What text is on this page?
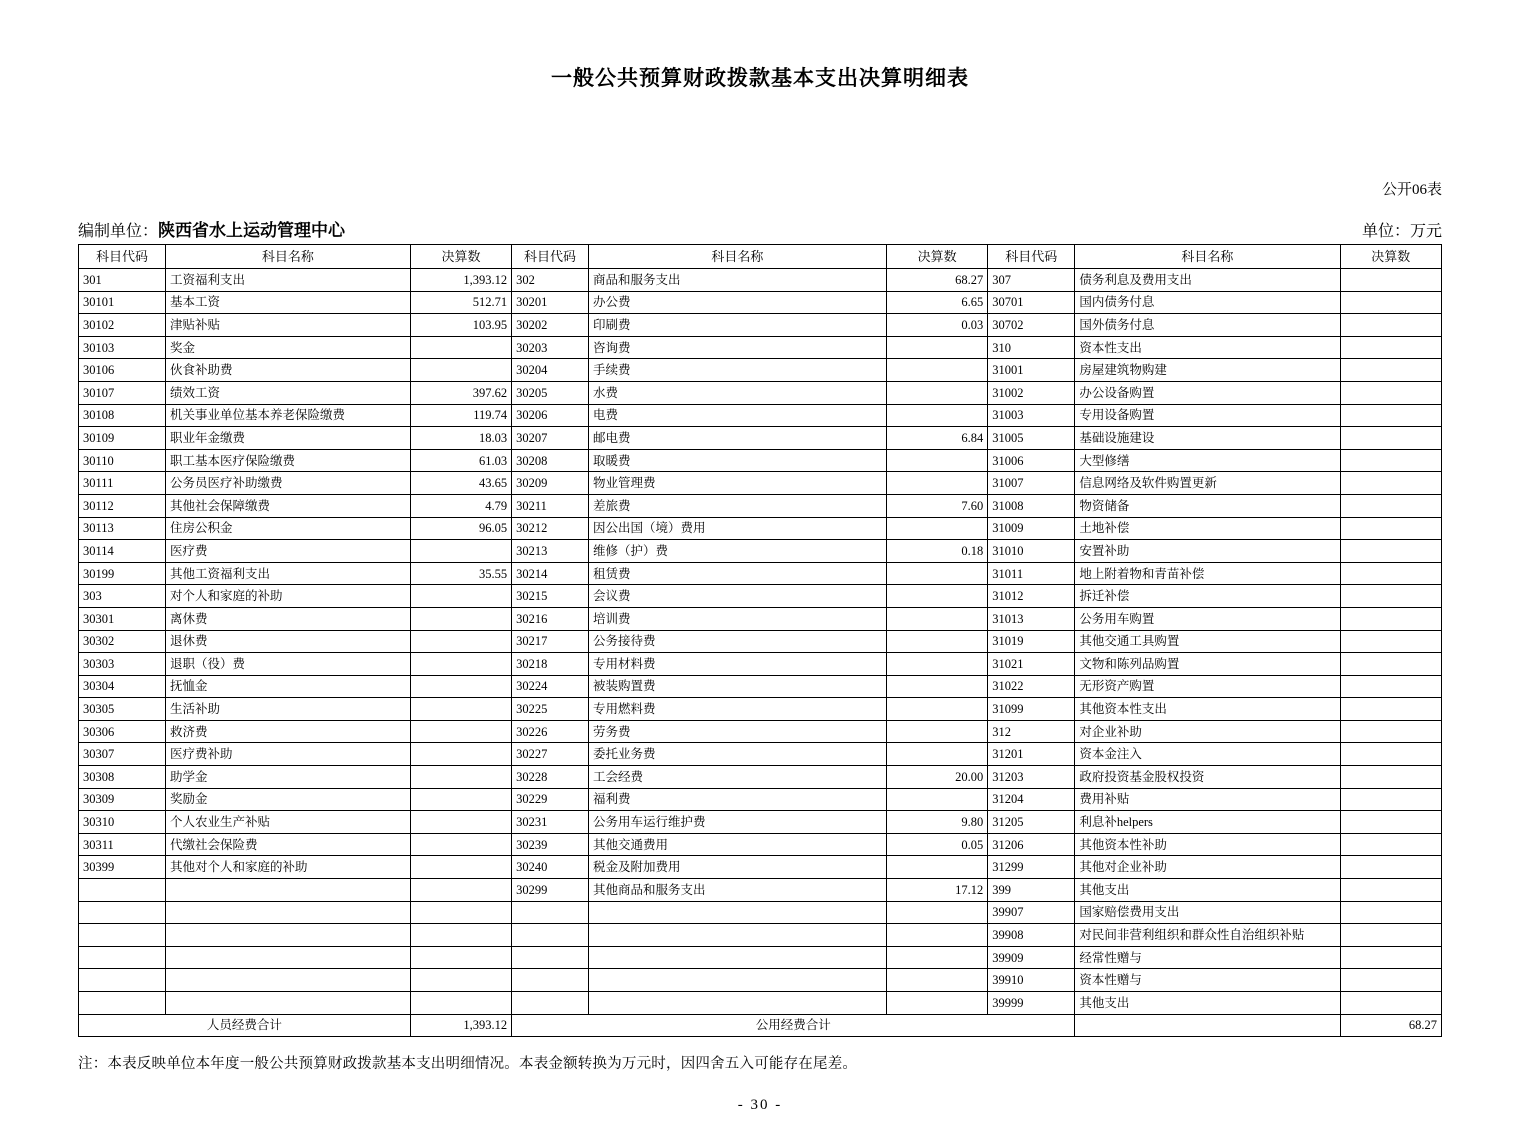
一般公共预算财政拨款基本支出决算明细表
公开06表
编制单位：陕西省水上运动管理中心	单位：万元
科目代码	科目名称	决算数	科目代码	科目名称	决算数	科目代码	科目名称	决算数
301	工资福利支出	1,393.12	302	商品和服务支出	68.27	307	债务利息及费用支出	
30101	基本工资	512.71	30201	办公费	6.65	30701	国内债务付息	
30102	津贴补贴	103.95	30202	印刷费	0.03	30702	国外债务付息	
30103	奖金		30203	咨询费		310	资本性支出	
30106	伙食补助费		30204	手续费		31001	房屋建筑物购建	
30107	绩效工资	397.62	30205	水费		31002	办公设备购置	
30108	机关事业单位基本养老保险缴费	119.74	30206	电费		31003	专用设备购置	
30109	职业年金缴费	18.03	30207	邮电费	6.84	31005	基础设施建设	
30110	职工基本医疗保险缴费	61.03	30208	取暖费		31006	大型修缮	
30111	公务员医疗补助缴费	43.65	30209	物业管理费		31007	信息网络及软件购置更新	
30112	其他社会保障缴费	4.79	30211	差旅费	7.60	31008	物资储备	
30113	住房公积金	96.05	30212	因公出国（境）费用		31009	土地补偿	
30114	医疗费		30213	维修（护）费	0.18	31010	安置补助	
30199	其他工资福利支出	35.55	30214	租赁费		31011	地上附着物和青苗补偿	
303	对个人和家庭的补助		30215	会议费		31012	拆迁补偿	
30301	离休费		30216	培训费		31013	公务用车购置	
30302	退休费		30217	公务接待费		31019	其他交通工具购置	
30303	退职（役）费		30218	专用材料费		31021	文物和陈列品购置	
30304	抚恤金		30224	被装购置费		31022	无形资产购置	
30305	生活补助		30225	专用燃料费		31099	其他资本性支出	
30306	救济费		30226	劳务费		312	对企业补助	
30307	医疗费补助		30227	委托业务费		31201	资本金注入	
30308	助学金		30228	工会经费	20.00	31203	政府投资基金股权投资	
30309	奖励金		30229	福利费		31204	费用补贴	
30310	个人农业生产补贴		30231	公务用车运行维护费	9.80	31205	利息补helpers	
30311	代缴社会保险费		30239	其他交通费用	0.05	31206	其他资本性补助	
30399	其他对个人和家庭的补助		30240	税金及附加费用		31299	其他对企业补助	
			30299	其他商品和服务支出	17.12	399	其他支出	
						39907	国家赔偿费用支出	
						39908	对民间非营利组织和群众性自治组织补贴	
						39909	经常性赠与	
						39910	资本性赠与	
						39999	其他支出	
人员经费合计		1,393.12	公用经费合计					68.27
注：本表反映单位本年度一般公共预算财政拨款基本支出明细情况。本表金额转换为万元时，因四舍五入可能存在尾差。
- 30 -
